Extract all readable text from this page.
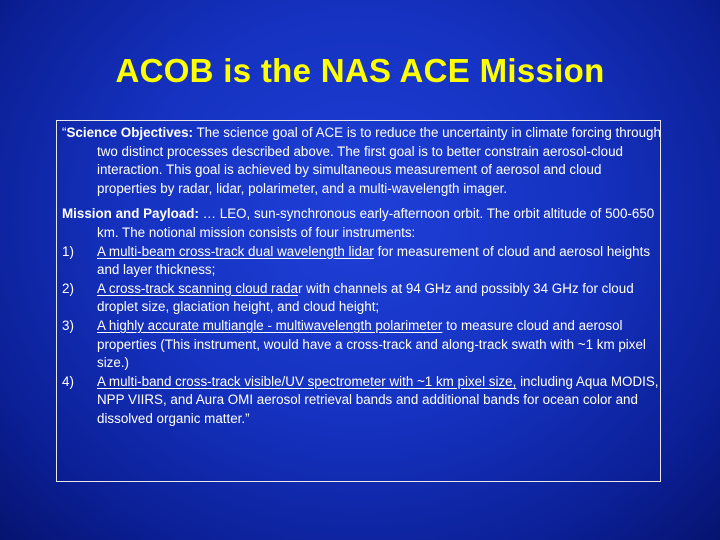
ACOB is the NAS ACE Mission

“Science Objectives: The science goal of ACE is to reduce the uncertainty in climate forcing through two distinct processes described above. The first goal is to better constrain aerosol-cloud interaction. This goal is achieved by simultaneous measurement of aerosol and cloud properties by radar, lidar, polarimeter, and a multi-wavelength imager.

Mission and Payload: … LEO, sun-synchronous early-afternoon orbit. The orbit altitude of 500-650 km. The notional mission consists of four instruments:

1)	A multi-beam cross-track dual wavelength lidar for measurement of cloud and aerosol heights and layer thickness;

2)	A cross-track scanning cloud radar with channels at 94 GHz and possibly 34 GHz for cloud droplet size, glaciation height, and cloud height;

3)	A highly accurate multiangle - multiwavelength polarimeter to measure cloud and aerosol properties (This instrument, would have a cross-track and along-track swath with ~1 km pixel size.)

4)	A multi-band cross-track visible/UV spectrometer with ~1 km pixel size, including Aqua MODIS, NPP VIIRS, and Aura OMI aerosol retrieval bands and additional bands for ocean color and dissolved organic matter.”
